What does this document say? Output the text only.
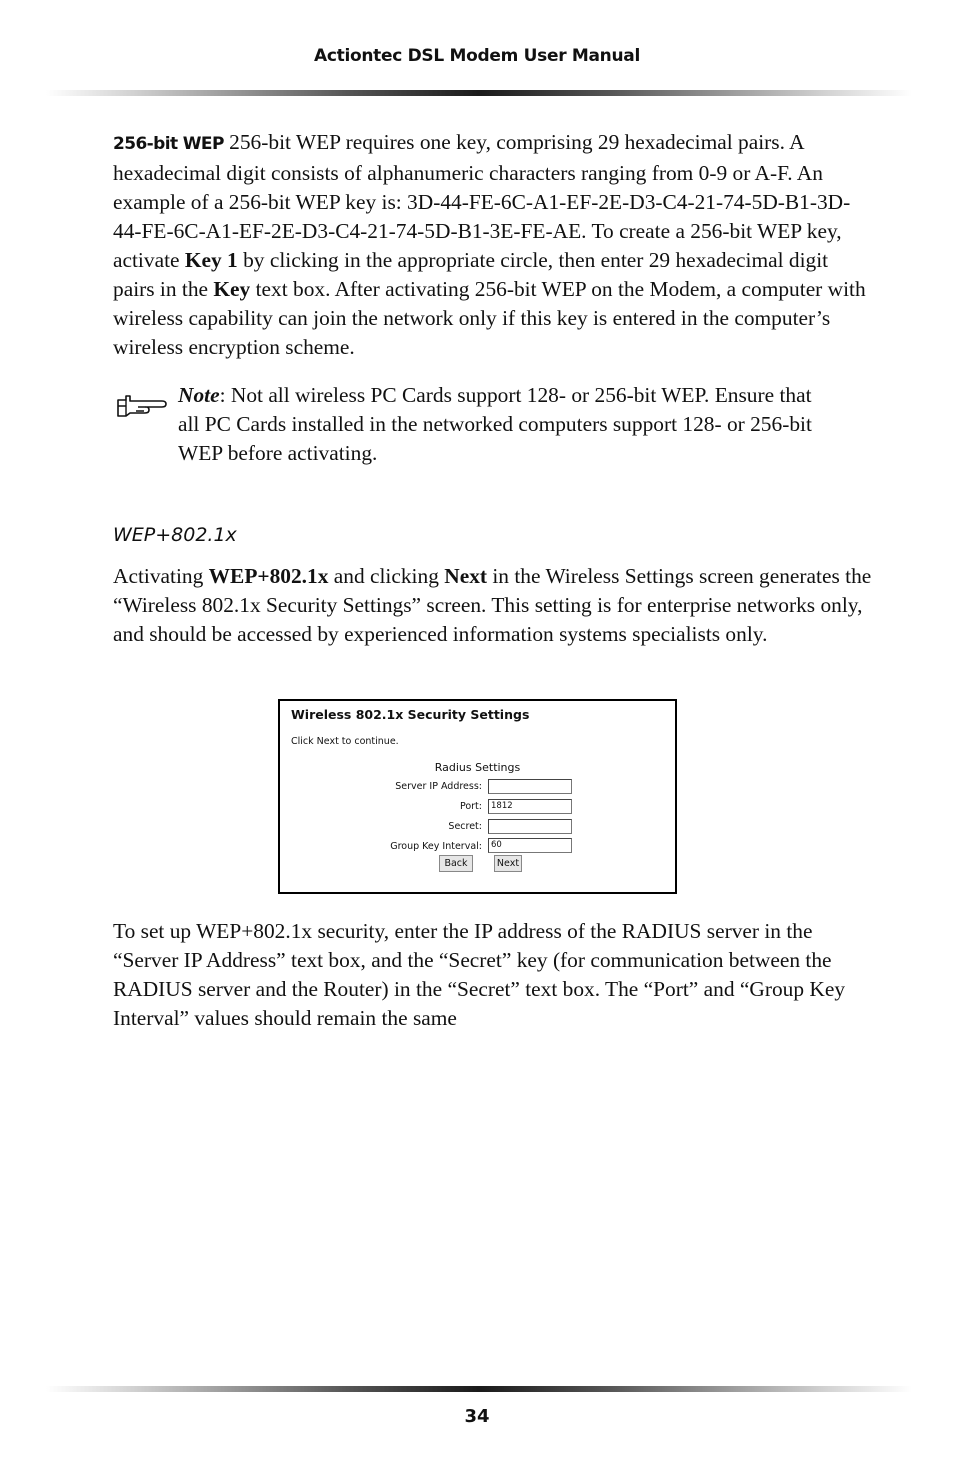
Actiontec DSL Modem User Manual

256-bit WEP 256-bit WEP requires one key, comprising 29 hexadecimal pairs. A hexadecimal digit consists of alphanumeric characters ranging from 0-9 or A-F. An example of a 256-bit WEP key is: 3D-44-FE-6C-A1-EF-2E-D3-C4-21-74-5D-B1-3D-44-FE-6C-A1-EF-2E-D3-C4-21-74-5D-B1-3E-FE-AE. To create a 256-bit WEP key, activate Key 1 by clicking in the appropriate circle, then enter 29 hexadecimal digit pairs in the Key text box. After activating 256-bit WEP on the Modem, a computer with wireless capability can join the network only if this key is entered in the computer’s wireless encryption scheme.

Note: Not all wireless PC Cards support 128- or 256-bit WEP. Ensure that all PC Cards installed in the networked computers support 128- or 256-bit WEP before activating.

WEP+802.1x

Activating WEP+802.1x and clicking Next in the Wireless Settings screen generates the “Wireless 802.1x Security Settings” screen. This setting is for enterprise networks only, and should be accessed by experienced information systems specialists only.

Wireless 802.1x Security Settings
Click Next to continue.
Radius Settings
Server IP Address:
Port:	1812
Secret:
Group Key Interval:	60
Back	Next

To set up WEP+802.1x security, enter the IP address of the RADIUS server in the “Server IP Address” text box, and the “Secret” key (for communication between the RADIUS server and the Router) in the “Secret” text box. The “Port” and “Group Key Interval” values should remain the same

34
